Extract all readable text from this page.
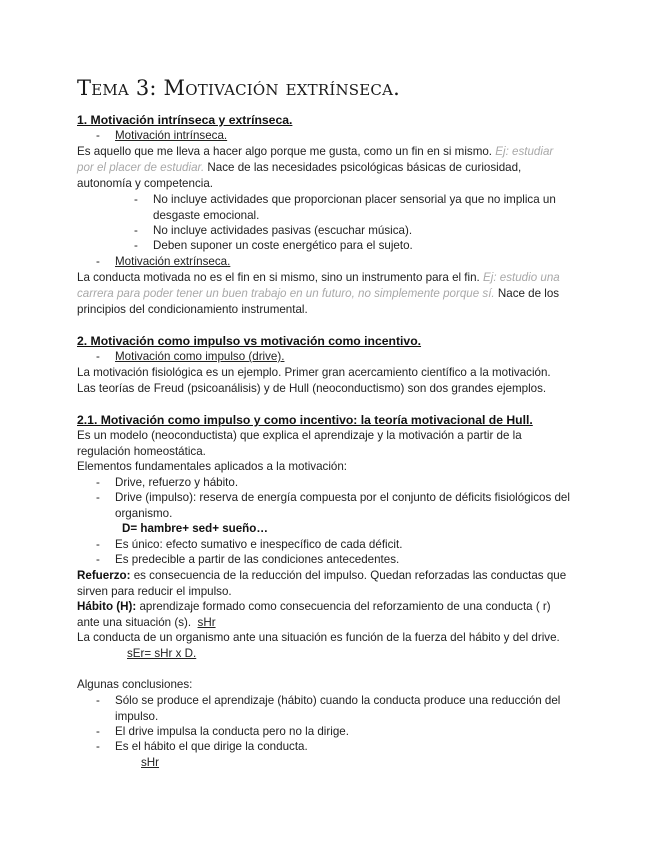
Tema 3: Motivación extrínseca.
1. Motivación intrínseca y extrínseca.
-	Motivación intrínseca.
Es aquello que me lleva a hacer algo porque me gusta, como un fin en si mismo. Ej: estudiar por el placer de estudiar. Nace de las necesidades psicológicas básicas de curiosidad, autonomía y competencia.
-	No incluye actividades que proporcionan placer sensorial ya que no implica un desgaste emocional.
-	No incluye actividades pasivas (escuchar música).
-	Deben suponer un coste energético para el sujeto.
-	Motivación extrínseca.
La conducta motivada no es el fin en si mismo, sino un instrumento para el fin. Ej: estudio una carrera para poder tener un buen trabajo en un futuro, no simplemente porque sí. Nace de los principios del condicionamiento instrumental.
2. Motivación como impulso vs motivación como incentivo.
-	Motivación como impulso (drive).
La motivación fisiológica es un ejemplo. Primer gran acercamiento científico a la motivación.
Las teorías de Freud (psicoanálisis) y de Hull (neoconductismo) son dos grandes ejemplos.
2.1. Motivación como impulso y como incentivo: la teoría motivacional de Hull.
Es un modelo (neoconductista) que explica el aprendizaje y la motivación a partir de la regulación homeostática.
Elementos fundamentales aplicados a la motivación:
-	Drive, refuerzo y hábito.
-	Drive (impulso): reserva de energía compuesta por el conjunto de déficits fisiológicos del organismo.
D= hambre+ sed+ sueño…
-	Es único: efecto sumativo e inespecífico de cada déficit.
-	Es predecible a partir de las condiciones antecedentes.
Refuerzo: es consecuencia de la reducción del impulso. Quedan reforzadas las conductas que sirven para reducir el impulso.
Hábito (H): aprendizaje formado como consecuencia del reforzamiento de una conducta ( r) ante una situación (s). sHr
La conducta de un organismo ante una situación es función de la fuerza del hábito y del drive.
sEr= sHr x D.
Algunas conclusiones:
-	Sólo se produce el aprendizaje (hábito) cuando la conducta produce una reducción del impulso.
-	El drive impulsa la conducta pero no la dirige.
-	Es el hábito el que dirige la conducta.
sHr
